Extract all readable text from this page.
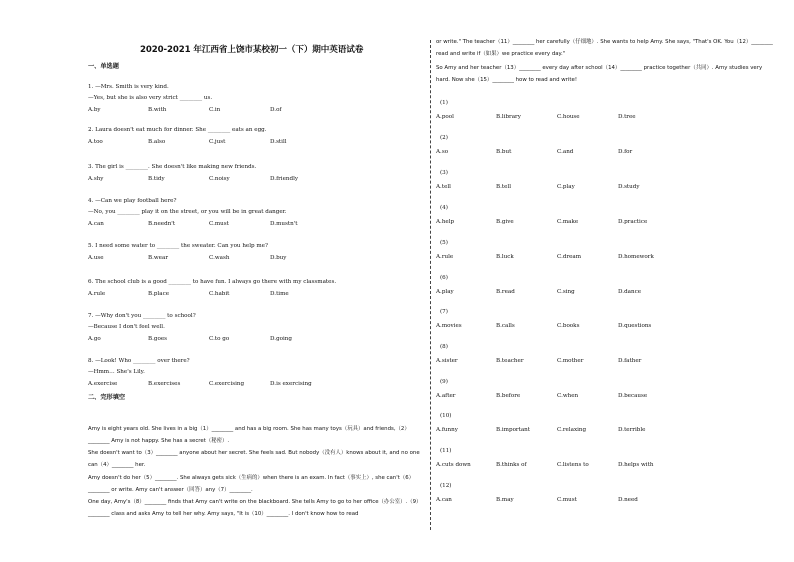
2020-2021 年江西省上饶市某校初一（下）期中英语试卷
一、单选题
1. —Mrs. Smith is very kind.
—Yes, but she is also very strict ________ us.
A.by	B.with	C.in	D.of
2. Laura doesn't eat much for dinner. She ________ eats an egg.
A.too	B.also	C.just	D.still
3. The girl is ________. She doesn't like making new friends.
A.shy	B.tidy	C.noisy	D.friendly
4. —Can we play football here?
—No, you ________ play it on the street, or you will be in great danger.
A.can	B.needn't	C.must	D.mustn't
5. I need some water to ________ the sweater. Can you help me?
A.use	B.wear	C.wash	D.buy
6. The school club is a good ________ to have fun. I always go there with my classmates.
A.rule	B.place	C.habit	D.time
7. —Why don't you ________ to school?
—Because I don't feel well.
A.go	B.goes	C.to go	D.going
8. —Look! Who ________ over there?
—Hmm… She's Lily.
A.exercise	B.exercises	C.exercising	D.is exercising
二、完形填空
Amy is eight years old. She lives in a big（1）________ and has a big room. She has many toys（玩具）and friends,（2）________ Amy is not happy. She has a secret（秘密）.
She doesn't want to（3）________ anyone about her secret. She feels sad. But nobody（没有人）knows about it, and no one can（4）________ her.
Amy doesn't do her（5）________. She always gets sick（生病的）when there is an exam. In fact（事实上）, she can't（6）________ or write. Amy can't answer（回答）any（7）________.
One day, Amy's（8）________ finds that Amy can't write on the blackboard. She tells Amy to go to her office（办公室）.（9）________ class and asks Amy to tell her why. Amy says, "It is（10）________. I don't know how to read
or write." The teacher（11）________ her carefully（仔细地）. She wants to help Amy. She says, "That's OK. You（12）________ read and write if（如果）we practice every day."
So Amy and her teacher（13）________ every day after school（14）________ practice together（共同）. Amy studies very hard. Now she（15）________ how to read and write!
(1)
A.pool	B.library	C.house	D.tree
(2)
A.so	B.but	C.and	D.for
(3)
A.tell	B.tell	C.play	D.study
(4)
A.help	B.give	C.make	D.practice
(5)
A.rule	B.luck	C.dream	D.homework
(6)
A.play	B.read	C.sing	D.dance
(7)
A.movies	B.calls	C.books	D.questions
(8)
A.sister	B.teacher	C.mother	D.father
(9)
A.after	B.before	C.when	D.because
(10)
A.funny	B.important	C.relaxing	D.terrible
(11)
A.cuts down	B.thinks of	C.listens to	D.helps with
(12)
A.can	B.may	C.must	D.need
